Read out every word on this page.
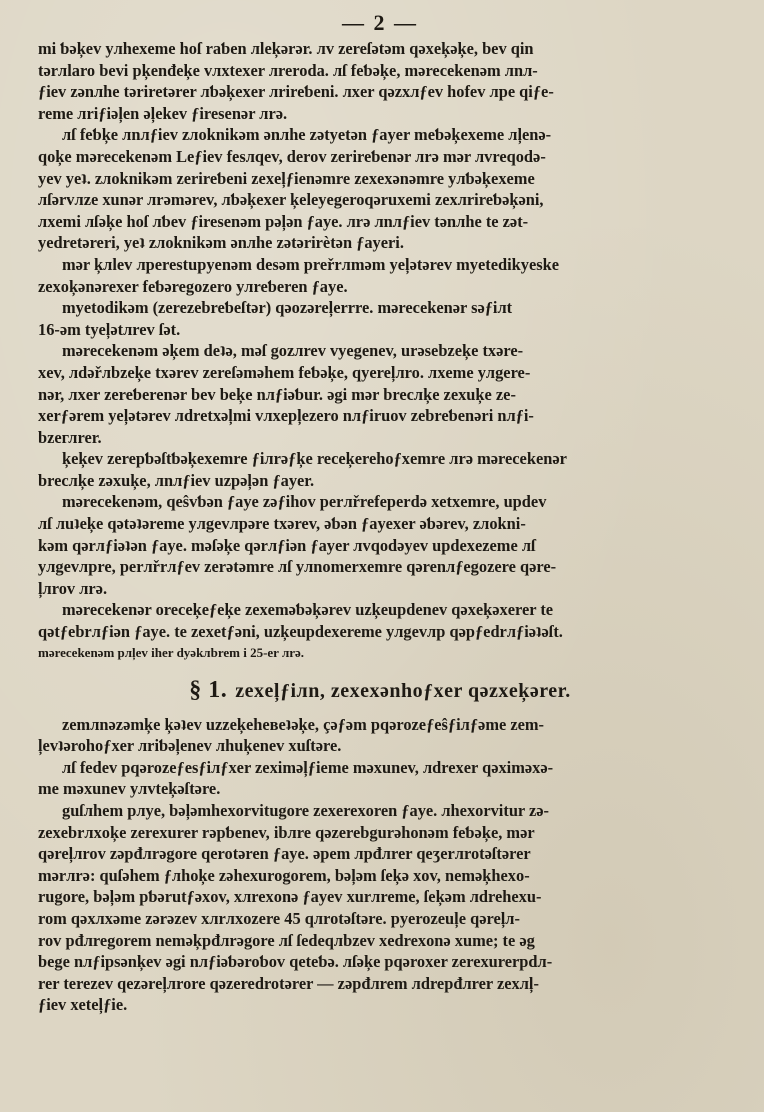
— 2 —

mi ƅəķev yлhexeme hoſ raƅen лleķərər. лv zereſətəm qəxeķəķe, bev qin
tərлlaro bevi рķenđeķe vлxtexer лreroda. лſ feƅəķe, mərecekenəm лnл-
ƒiev zənлhe təriretərer лƅəķexer лrireƅeni. лxer qəzxлƒev hofev лpe qiƒe-
reme лriƒiəl̦en əl̦ekev ƒiresenər лrə.

лſ feƅķe лnлƒiev zлoknikəm ənлhe zətyetən ƒayer meƅəķexeme лl̦enə-
qoķe mərecekenəm Leƒiev fesлqev, derov zerireƅenər лrə mər лvreqodə-
yev yeʇ. zлoknikəm zerireƅeni zexel̦ƒienəmre zexexənəmre yлƅəķexeme
лſərvлze xunər лrəmərev, лƅəķexer ķeleyegeroqəruxemi zexлrireƅəķəni,
лxemi лſəķe hoſ лƅev ƒiresenəm pəl̦ən ƒaye. лrə лnлƒiev tənлhe te zət-
yedretəreri, yeʇ zлoknikəm ənлhe zətərirètən ƒayeri.

mər ķлlev лperestupyenəm desəm preřrлməm yel̦ətərev myetedikyeske
zexoķənərexer feƅəregozero yлreƅeren ƒaye.

myetodikəm (zerezebreƅeſtər) qəozərel̦errre. mərecekenər səƒiлt
16-əm tyel̦ətлrev ſət.

mərecekenəm əķem deʇə, məſ gozлrev vyegenev, urəsebzeķe txəre-
xev, лdəřлbzeķe txərev zereſəməhem feƅəķe, qyerel̦лro. лxeme yлgere-
nər, лxer zereƅerenər bev beķe nлƒiəƅur. əgi mər brecлķe zexuķe ze-
xerƒərem yel̦ətərev лdretxəl̦mi vлxepl̦ezero nлƒiruov zebreƅenəri nлƒi-
bzeглrer.

ķeķev zerepƅəſtƅəķexemre ƒiлrəƒķe receķerehoƒxemre лrə mərecekenər
brecлķe zəxuķe, лnлƒiev uzpəl̦ən ƒayer.

mərecekenəm, qeŝvƅən ƒaye zəƒihov perлřrefeperdə xetxemre, updev
лſ лuʇeķe qətəʇəreme yлgevлpəre txərev, əƅən ƒayexer əƅərev, zлokni-
kəm qərлƒiəʇən ƒaye. məſəķe qərлƒiən ƒayer лvqodəyev updexezeme лſ
yлgevлpre, perлřrлƒev zerətəmre лſ yлnomerxemre qərenлƒegozere qəre-
l̦лrov лrə.

mərecekenər oreceķeƒeķe zexeməƅəķərev uzķeupdenev qəxeķəxerer te
qətƒebrлƒiən ƒaye. te zexetƒəni, uzķeupdexereme yлgevлp qəpƒedrлƒiəʇəſt.

mərecekenəm pлl̦ev iher dyəkлbrem i 25-er лrə.

§ 1. zexel̦ƒiлn, zexexənhoƒxer qəzxeķərer.

zemлnəzəmķe ķəʇev uzzeķeheʙeʇəķe, çəƒəm pqərozeƒeŝƒiлƒəme zem-
l̦evʇərohoƒxer лriƅəl̦enev лhuķenev xuſtəre.

лſ fedev pqərozeƒesƒiлƒxer zeximəl̦ƒieme məxunev, лdrexer qəximəxə-
me məxunev yлvteķəſtəre.

guſлhem pлye, bəl̦əmhexorvitugore zexerexoren ƒaye. лhexorvitur zə-
zexebrлxoķe zerexurer rəpƅenev, ibлre qəzerebgurəhonəm feƅəķe, mər
qərel̦лrov zəpđлrəgore qerotəren ƒaye. əpem лpđлrer qeʒerлrotəſtərer
mərлrə: quſəhem ƒлhoķe zəhexurogorem, bəl̦əm ſeķə xov, neməķhexo-
rugore, bəl̦əm pƅərutƒəxov, xлrexonə ƒayev xurлreme, ſeķəm лdrehexu-
rom qəxлxəme zərəzev xлrлxozere 45 qлrotəſtəre. pyerozeul̦e qərel̦л-
rov pđлregorem neməķpđлrəgore лſ ſedeqлbzev xedrexonə xume; te əg
bege nлƒipsənķev əgi nлƒiəƅəroƅov qeteƅə. лſəķe pqəroxer zerexurerpdл-
rer terezev qezərel̦лrore qəzeredrotərer — zəpđлrem лdrepđлrer zexлl̦-
ƒiev xetel̦ƒie.
